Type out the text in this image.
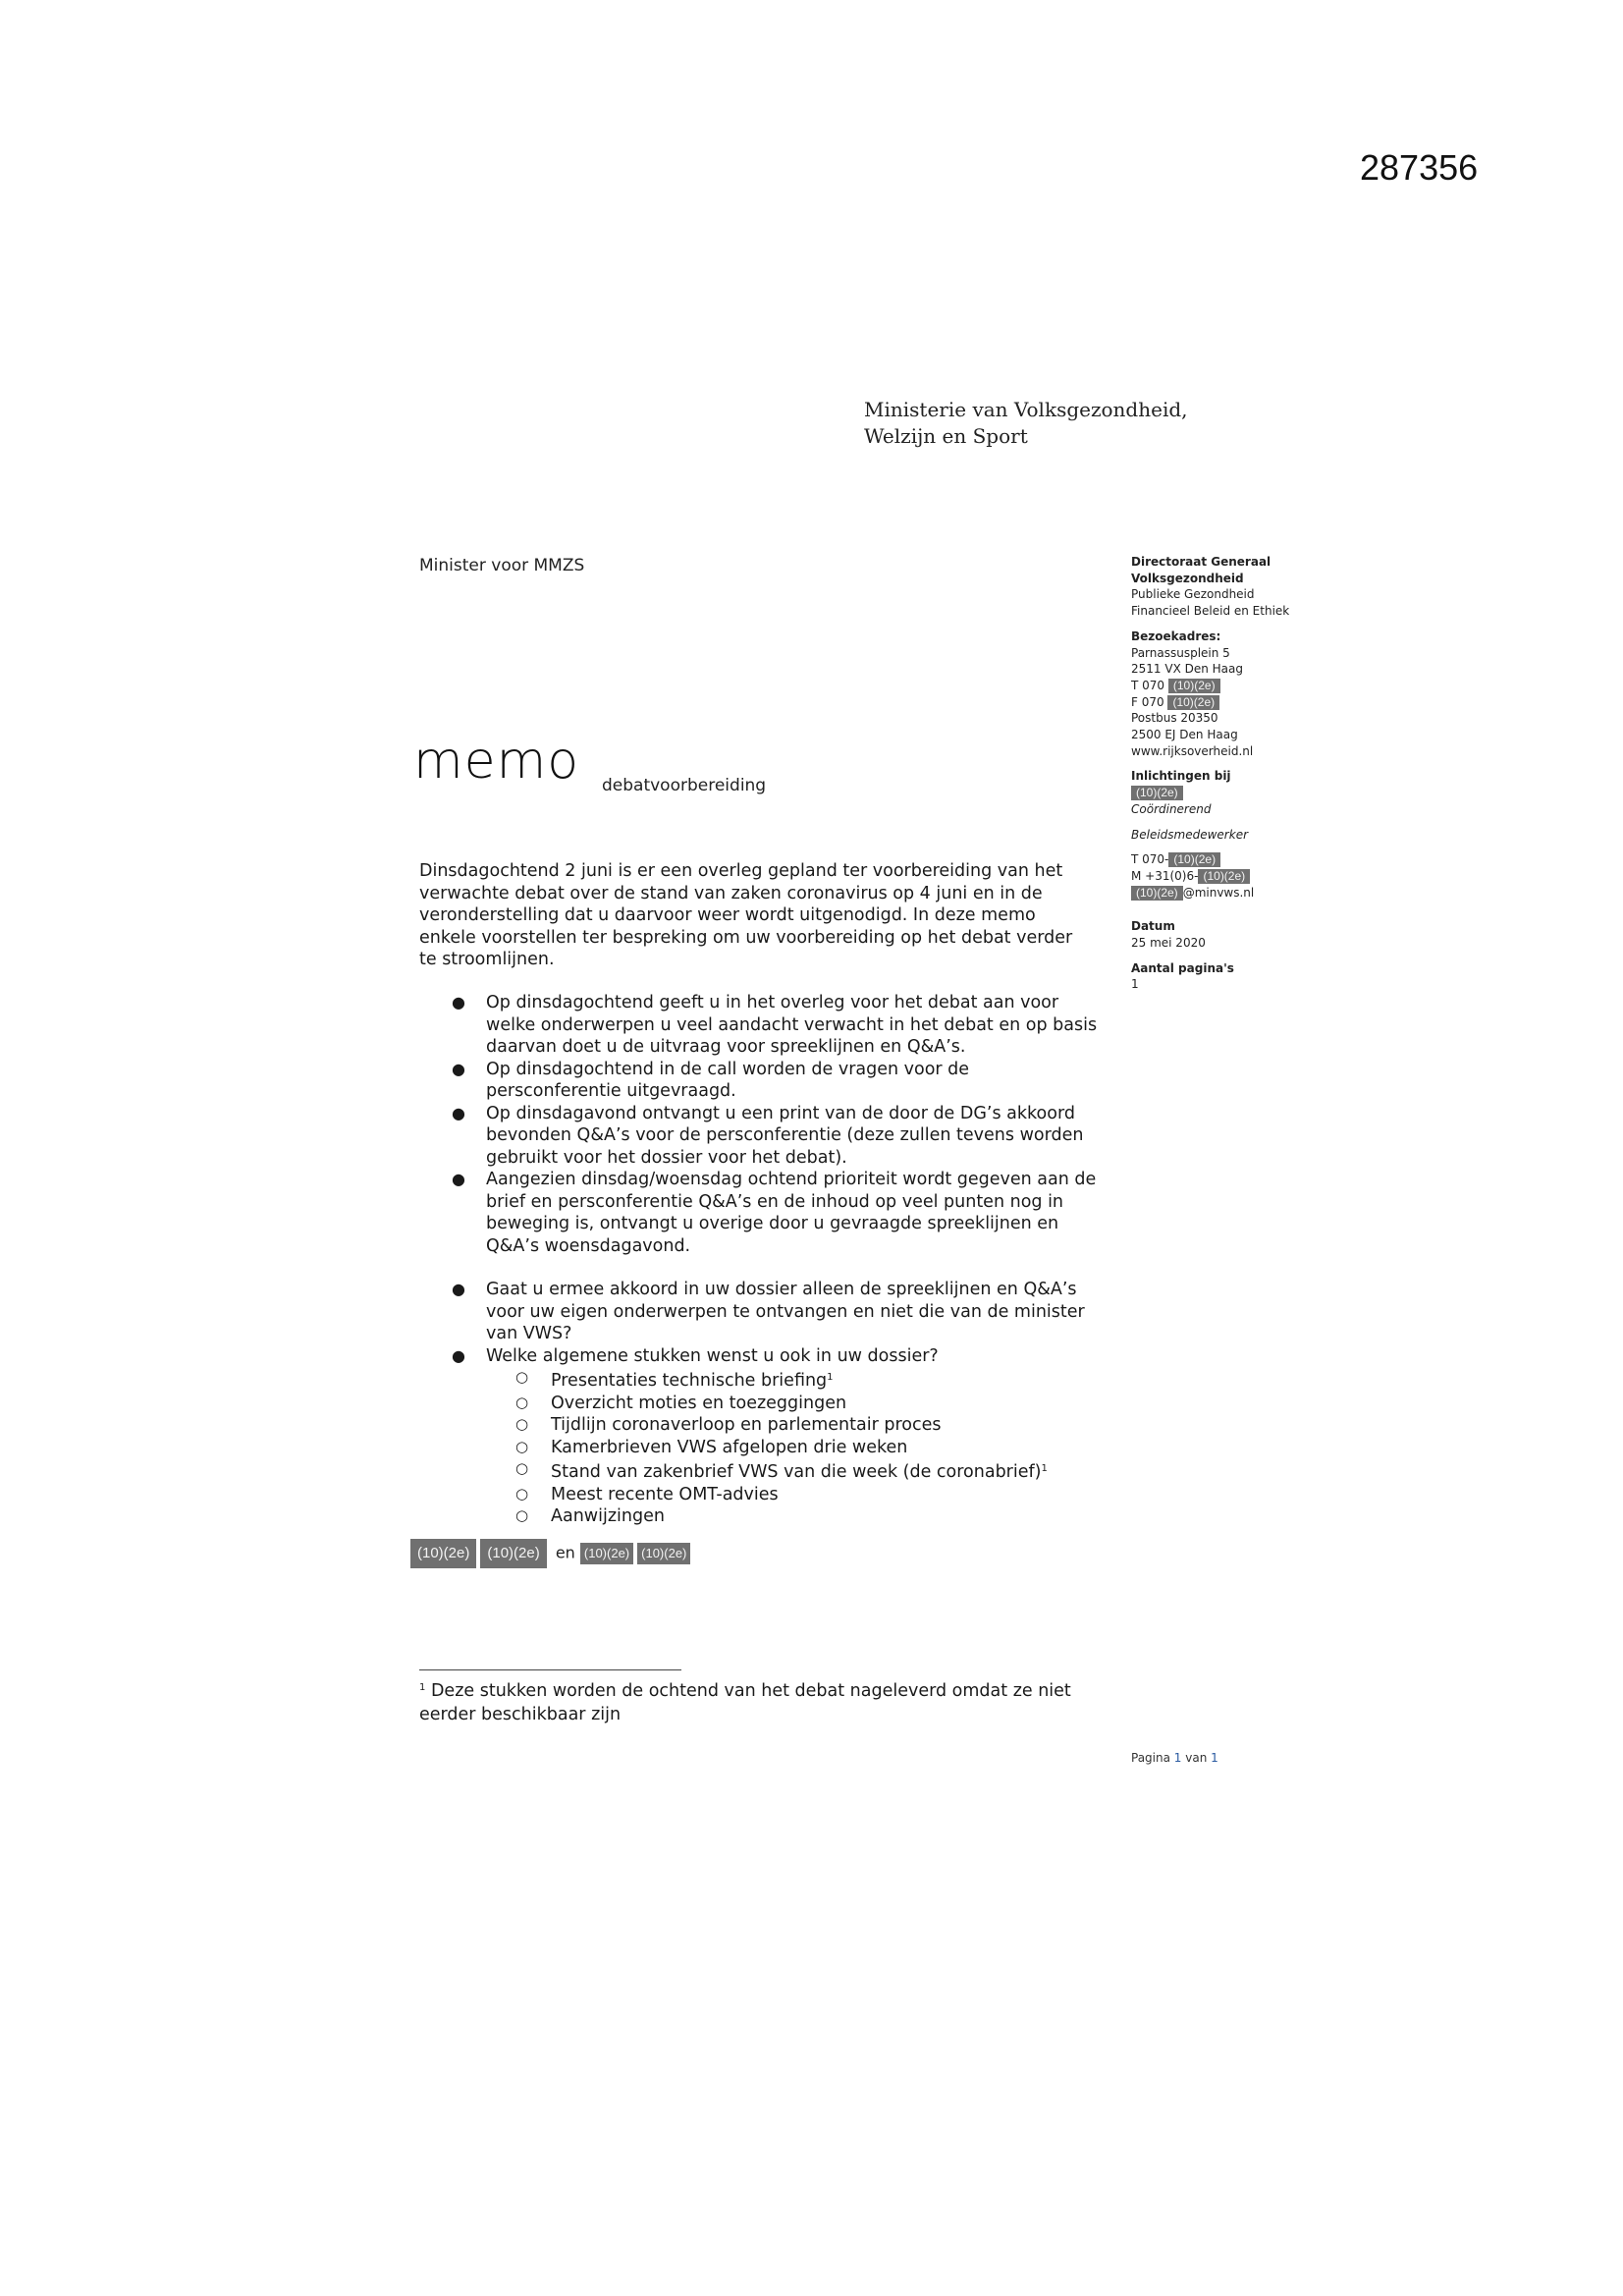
287356
Ministerie van Volksgezondheid,
Welzijn en Sport
Minister voor MMZS
memo debatvoorbereiding
Dinsdagochtend 2 juni is er een overleg gepland ter voorbereiding van het verwachte debat over de stand van zaken coronavirus op 4 juni en in de veronderstelling dat u daarvoor weer wordt uitgenodigd. In deze memo enkele voorstellen ter bespreking om uw voorbereiding op het debat verder te stroomlijnen.
● Op dinsdagochtend geeft u in het overleg voor het debat aan voor welke onderwerpen u veel aandacht verwacht in het debat en op basis daarvan doet u de uitvraag voor spreeklijnen en Q&A’s.
● Op dinsdagochtend in de call worden de vragen voor de persconferentie uitgevraagd.
● Op dinsdagavond ontvangt u een print van de door de DG’s akkoord bevonden Q&A’s voor de persconferentie (deze zullen tevens worden gebruikt voor het dossier voor het debat).
● Aangezien dinsdag/woensdag ochtend prioriteit wordt gegeven aan de brief en persconferentie Q&A’s en de inhoud op veel punten nog in beweging is, ontvangt u overige door u gevraagde spreeklijnen en Q&A’s woensdagavond.
● Gaat u ermee akkoord in uw dossier alleen de spreeklijnen en Q&A’s voor uw eigen onderwerpen te ontvangen en niet die van de minister van VWS?
● Welke algemene stukken wenst u ook in uw dossier?
○ Presentaties technische briefing$^1$
○ Overzicht moties en toezeggingen
○ Tijdlijn coronaverloop en parlementair proces
○ Kamerbrieven VWS afgelopen drie weken
○ Stand van zakenbrief VWS van die week (de coronabrief)$^1$
○ Meest recente OMT-advies
○ Aanwijzingen
(10)(2e) (10)(2e) en (10)(2e) (10)(2e)
$^1$ Deze stukken worden de ochtend van het debat nageleverd omdat ze niet eerder beschikbaar zijn
Pagina 1 van 1
Directoraat Generaal
Volksgezondheid
Publieke Gezondheid
Financieel Beleid en Ethiek
Bezoekadres:
Parnassusplein 5
2511 VX Den Haag
T 070 (10)(2e)
F 070 (10)(2e)
Postbus 20350
2500 EJ Den Haag
www.rijksoverheid.nl
Inlichtingen bij
(10)(2e)
Coördinerend
Beleidsmedewerker
T 070- (10)(2e)
M +31(0)6- (10)(2e)
(10)(2e) @minvws.nl
Datum
25 mei 2020
Aantal pagina's
1
